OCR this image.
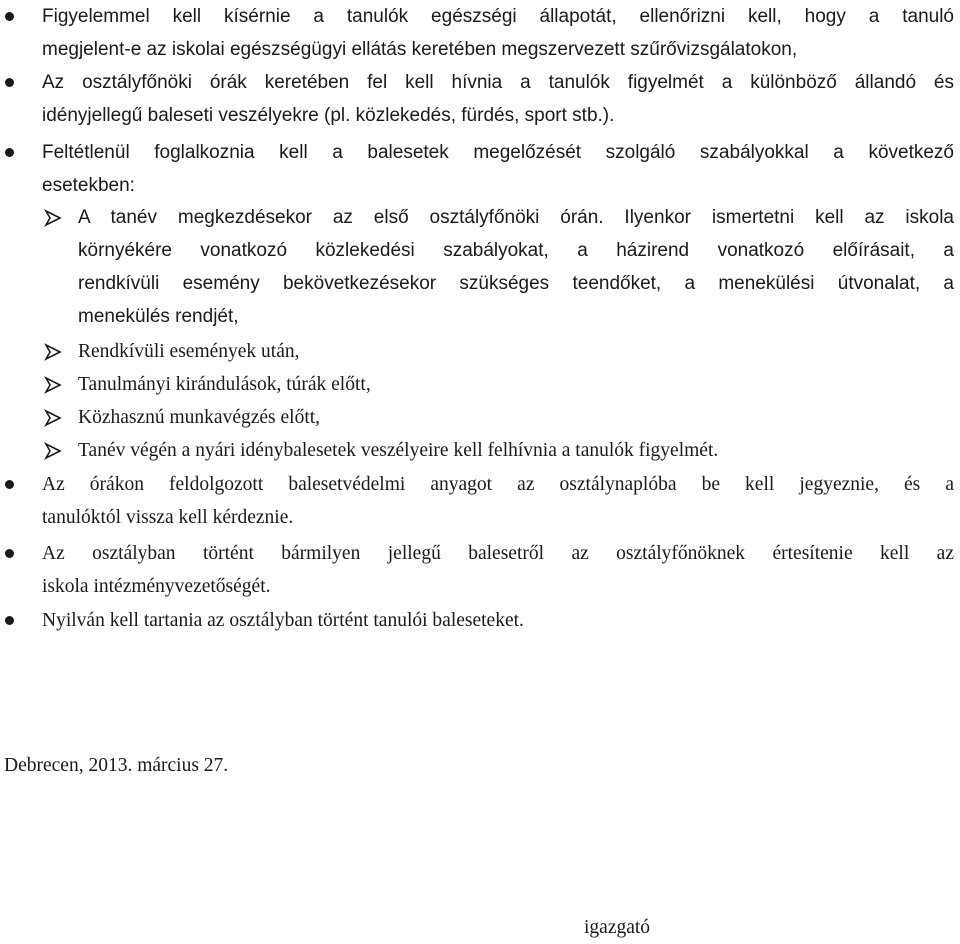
Figyelemmel kell kísérnie a tanulók egészségi állapotát, ellenőrizni kell, hogy a tanuló
megjelent-e az iskolai egészségügyi ellátás keretében megszervezett szűrővizsgálatokon,
Az osztályfőnöki órák keretében fel kell hívnia a tanulók figyelmét a különböző állandó és
idényjellegű baleseti veszélyekre (pl. közlekedés, fürdés, sport stb.).
Feltétlenül foglalkoznia kell a balesetek megelőzését szolgáló szabályokkal a következő
esetekben:
A tanév megkezdésekor az első osztályfőnöki órán. Ilyenkor ismertetni kell az iskola
környékére vonatkozó közlekedési szabályokat, a házirend vonatkozó előírásait, a
rendkívüli esemény bekövetkezésekor szükséges teendőket, a menekülési útvonalat, a
menekülés rendjét,
Rendkívüli események után,
Tanulmányi kirándulások, túrák előtt,
Közhasznú munkavégzés előtt,
Tanév végén a nyári idénybalesetek veszélyeire kell felhívnia a tanulók figyelmét.
Az órákon feldolgozott balesetvédelmi anyagot az osztálynaplóba be kell jegyeznie, és a
tanulóktól vissza kell kérdeznie.
Az osztályban történt bármilyen jellegű balesetről az osztályfőnöknek értesítenie kell az
iskola intézményvezetőségét.
Nyilván kell tartania az osztályban történt tanulói baleseteket.
Debrecen, 2013. március 27.
igazgató
